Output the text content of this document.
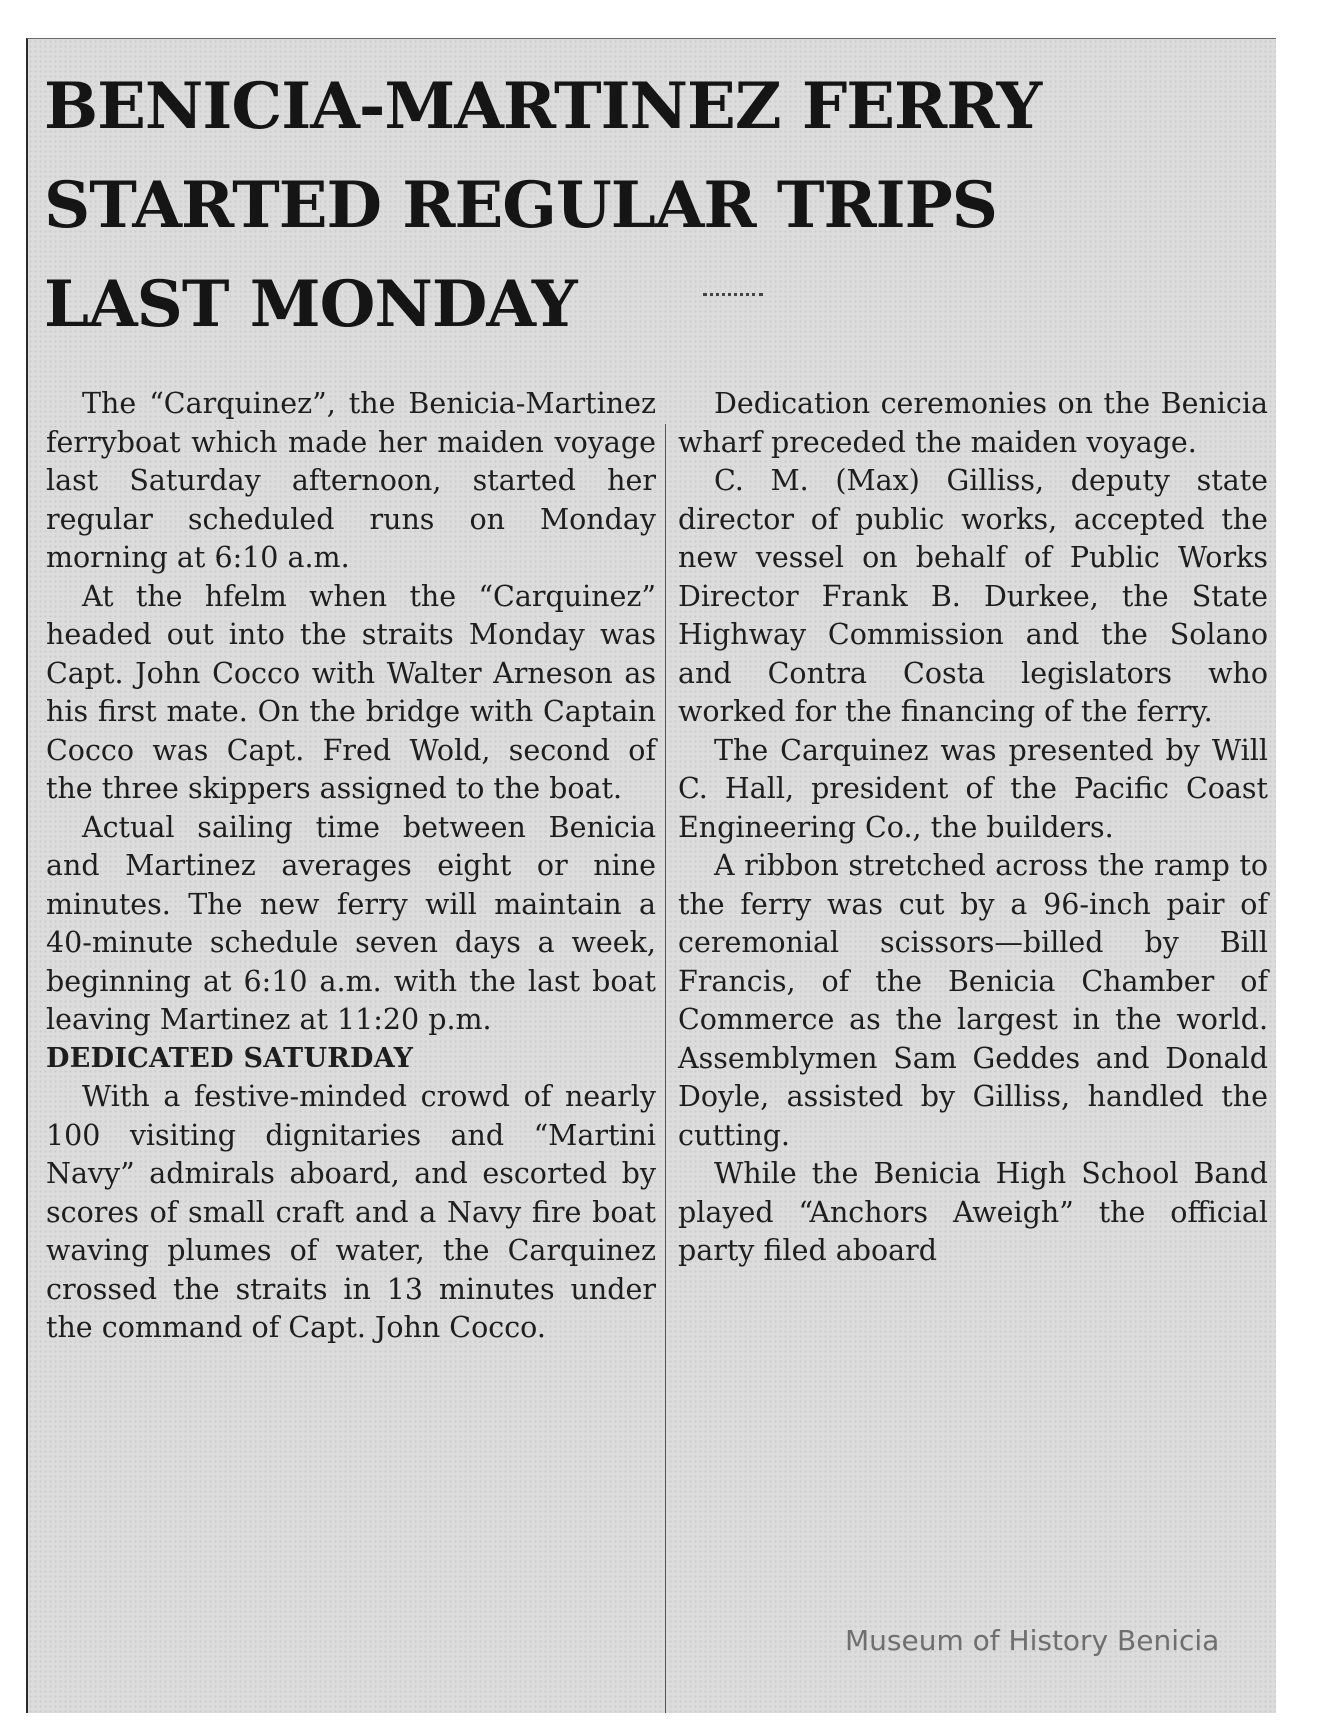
BENICIA-MARTINEZ FERRY
STARTED REGULAR TRIPS
LAST MONDAY

The “Carquinez”, the Benicia-Martinez ferryboat which made her maiden voyage last Saturday afternoon, started her regular scheduled runs on Monday morning at 6:10 a.m.

At the hfelm when the “Carquinez” headed out into the straits Monday was Capt. John Cocco with Walter Arneson as his first mate. On the bridge with Captain Cocco was Capt. Fred Wold, second of the three skippers assigned to the boat.

Actual sailing time between Benicia and Martinez averages eight or nine minutes. The new ferry will maintain a 40-minute schedule seven days a week, beginning at 6:10 a.m. with the last boat leaving Martinez at 11:20 p.m.

DEDICATED SATURDAY

With a festive-minded crowd of nearly 100 visiting dignitaries and “Martini Navy” admirals aboard, and escorted by scores of small craft and a Navy fire boat waving plumes of water, the Carquinez crossed the straits in 13 minutes under the command of Capt. John Cocco.

Dedication ceremonies on the Benicia wharf preceded the maiden voyage.

C. M. (Max) Gilliss, deputy state director of public works, accepted the new vessel on behalf of Public Works Director Frank B. Durkee, the State Highway Commission and the Solano and Contra Costa legislators who worked for the financing of the ferry.

The Carquinez was presented by Will C. Hall, president of the Pacific Coast Engineering Co., the builders.

A ribbon stretched across the ramp to the ferry was cut by a 96-inch pair of ceremonial scissors—billed by Bill Francis, of the Benicia Chamber of Commerce as the largest in the world. Assemblymen Sam Geddes and Donald Doyle, assisted by Gilliss, handled the cutting.

While the Benicia High School Band played “Anchors Aweigh” the official party filed aboard

Museum of History Benicia
